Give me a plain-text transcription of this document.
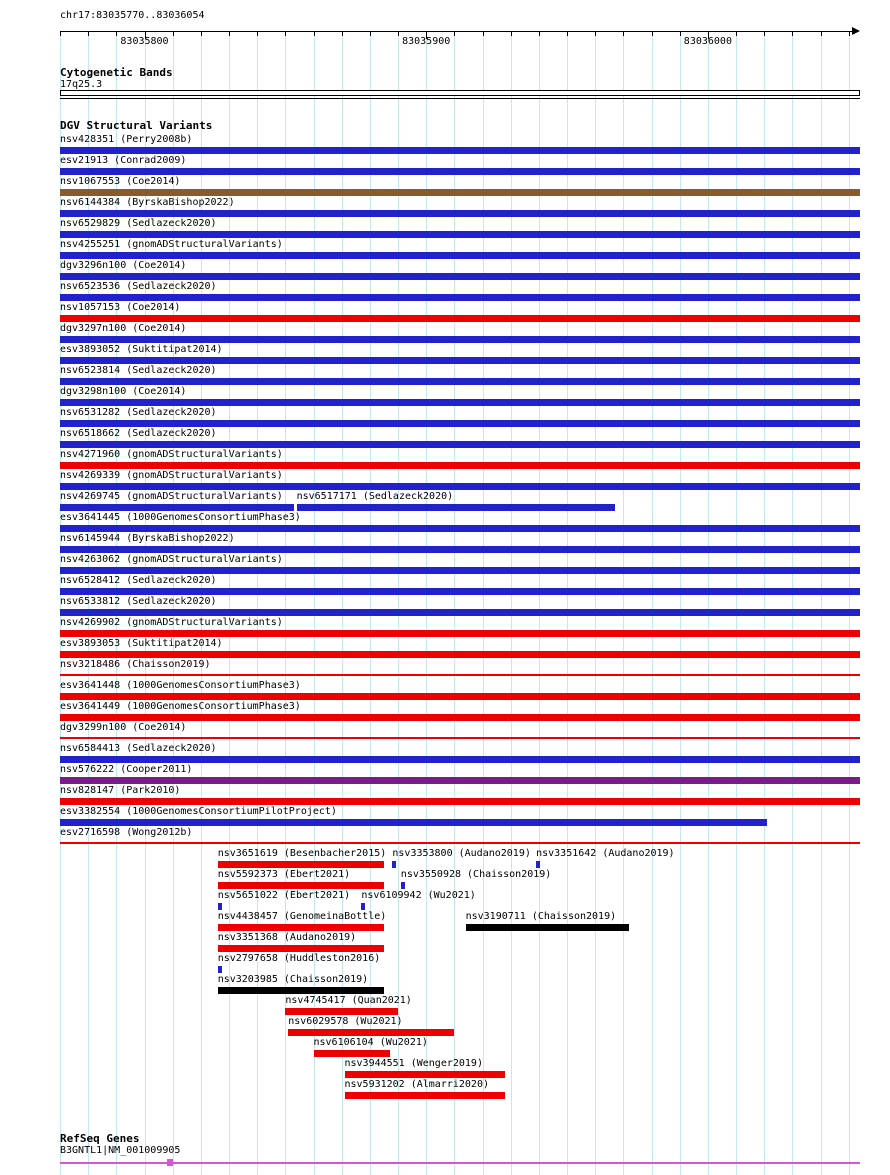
chr17:83035770..83036054
83035800	83035900	83036000
Cytogenetic Bands
17q25.3
DGV Structural Variants
nsv428351 (Perry2008b)
esv21913 (Conrad2009)
nsv1067553 (Coe2014)
nsv6144384 (ByrskaBishop2022)
nsv6529829 (Sedlazeck2020)
nsv4255251 (gnomADStructuralVariants)
dgv3296n100 (Coe2014)
nsv6523536 (Sedlazeck2020)
nsv1057153 (Coe2014)
dgv3297n100 (Coe2014)
esv3893052 (Suktitipat2014)
nsv6523814 (Sedlazeck2020)
dgv3298n100 (Coe2014)
nsv6531282 (Sedlazeck2020)
nsv6518662 (Sedlazeck2020)
nsv4271960 (gnomADStructuralVariants)
nsv4269339 (gnomADStructuralVariants)
nsv4269745 (gnomADStructuralVariants) nsv6517171 (Sedlazeck2020)
esv3641445 (1000GenomesConsortiumPhase3)
nsv6145944 (ByrskaBishop2022)
nsv4263062 (gnomADStructuralVariants)
nsv6528412 (Sedlazeck2020)
nsv6533812 (Sedlazeck2020)
nsv4269902 (gnomADStructuralVariants)
esv3893053 (Suktitipat2014)
nsv3218486 (Chaisson2019)
esv3641448 (1000GenomesConsortiumPhase3)
esv3641449 (1000GenomesConsortiumPhase3)
dgv3299n100 (Coe2014)
nsv6584413 (Sedlazeck2020)
nsv576222 (Cooper2011)
nsv828147 (Park2010)
esv3382554 (1000GenomesConsortiumPilotProject)
esv2716598 (Wong2012b)
nsv3651619 (Besenbacher2015) nsv3353800 (Audano2019) nsv3351642 (Audano2019)
nsv5592373 (Ebert2021)	nsv3550928 (Chaisson2019)
nsv5651022 (Ebert2021) nsv6109942 (Wu2021)
nsv4438457 (GenomeinaBottle)	nsv3190711 (Chaisson2019)
nsv3351368 (Audano2019)
nsv2797658 (Huddleston2016)
nsv3203985 (Chaisson2019)
nsv4745417 (Quan2021)
nsv6029578 (Wu2021)
nsv6106104 (Wu2021)
nsv3944551 (Wenger2019)
nsv5931202 (Almarri2020)
RefSeq Genes
B3GNTL1|NM_001009905
